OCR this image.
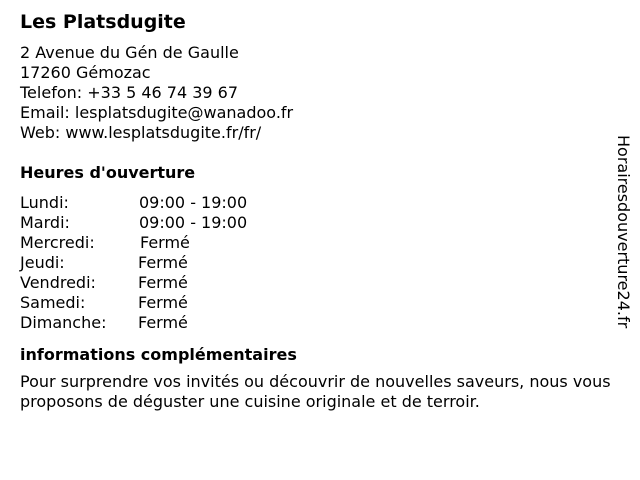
Les Platsdugite
2 Avenue du Gén de Gaulle
17260 Gémozac
Telefon: +33 5 46 74 39 67
Email: lesplatsdugite@wanadoo.fr
Web: www.lesplatsdugite.fr/fr/
Heures d'ouverture
Lundi:	09:00 - 19:00
Mardi:	09:00 - 19:00
Mercredi:	Fermé
Jeudi:	Fermé
Vendredi:	Fermé
Samedi:	Fermé
Dimanche: Fermé
informations complémentaires

Pour surprendre vos invités ou découvrir de nouvelles saveurs, nous vous proposons de déguster une cuisine originale et de terroir.

Horairesdouverture24.fr
